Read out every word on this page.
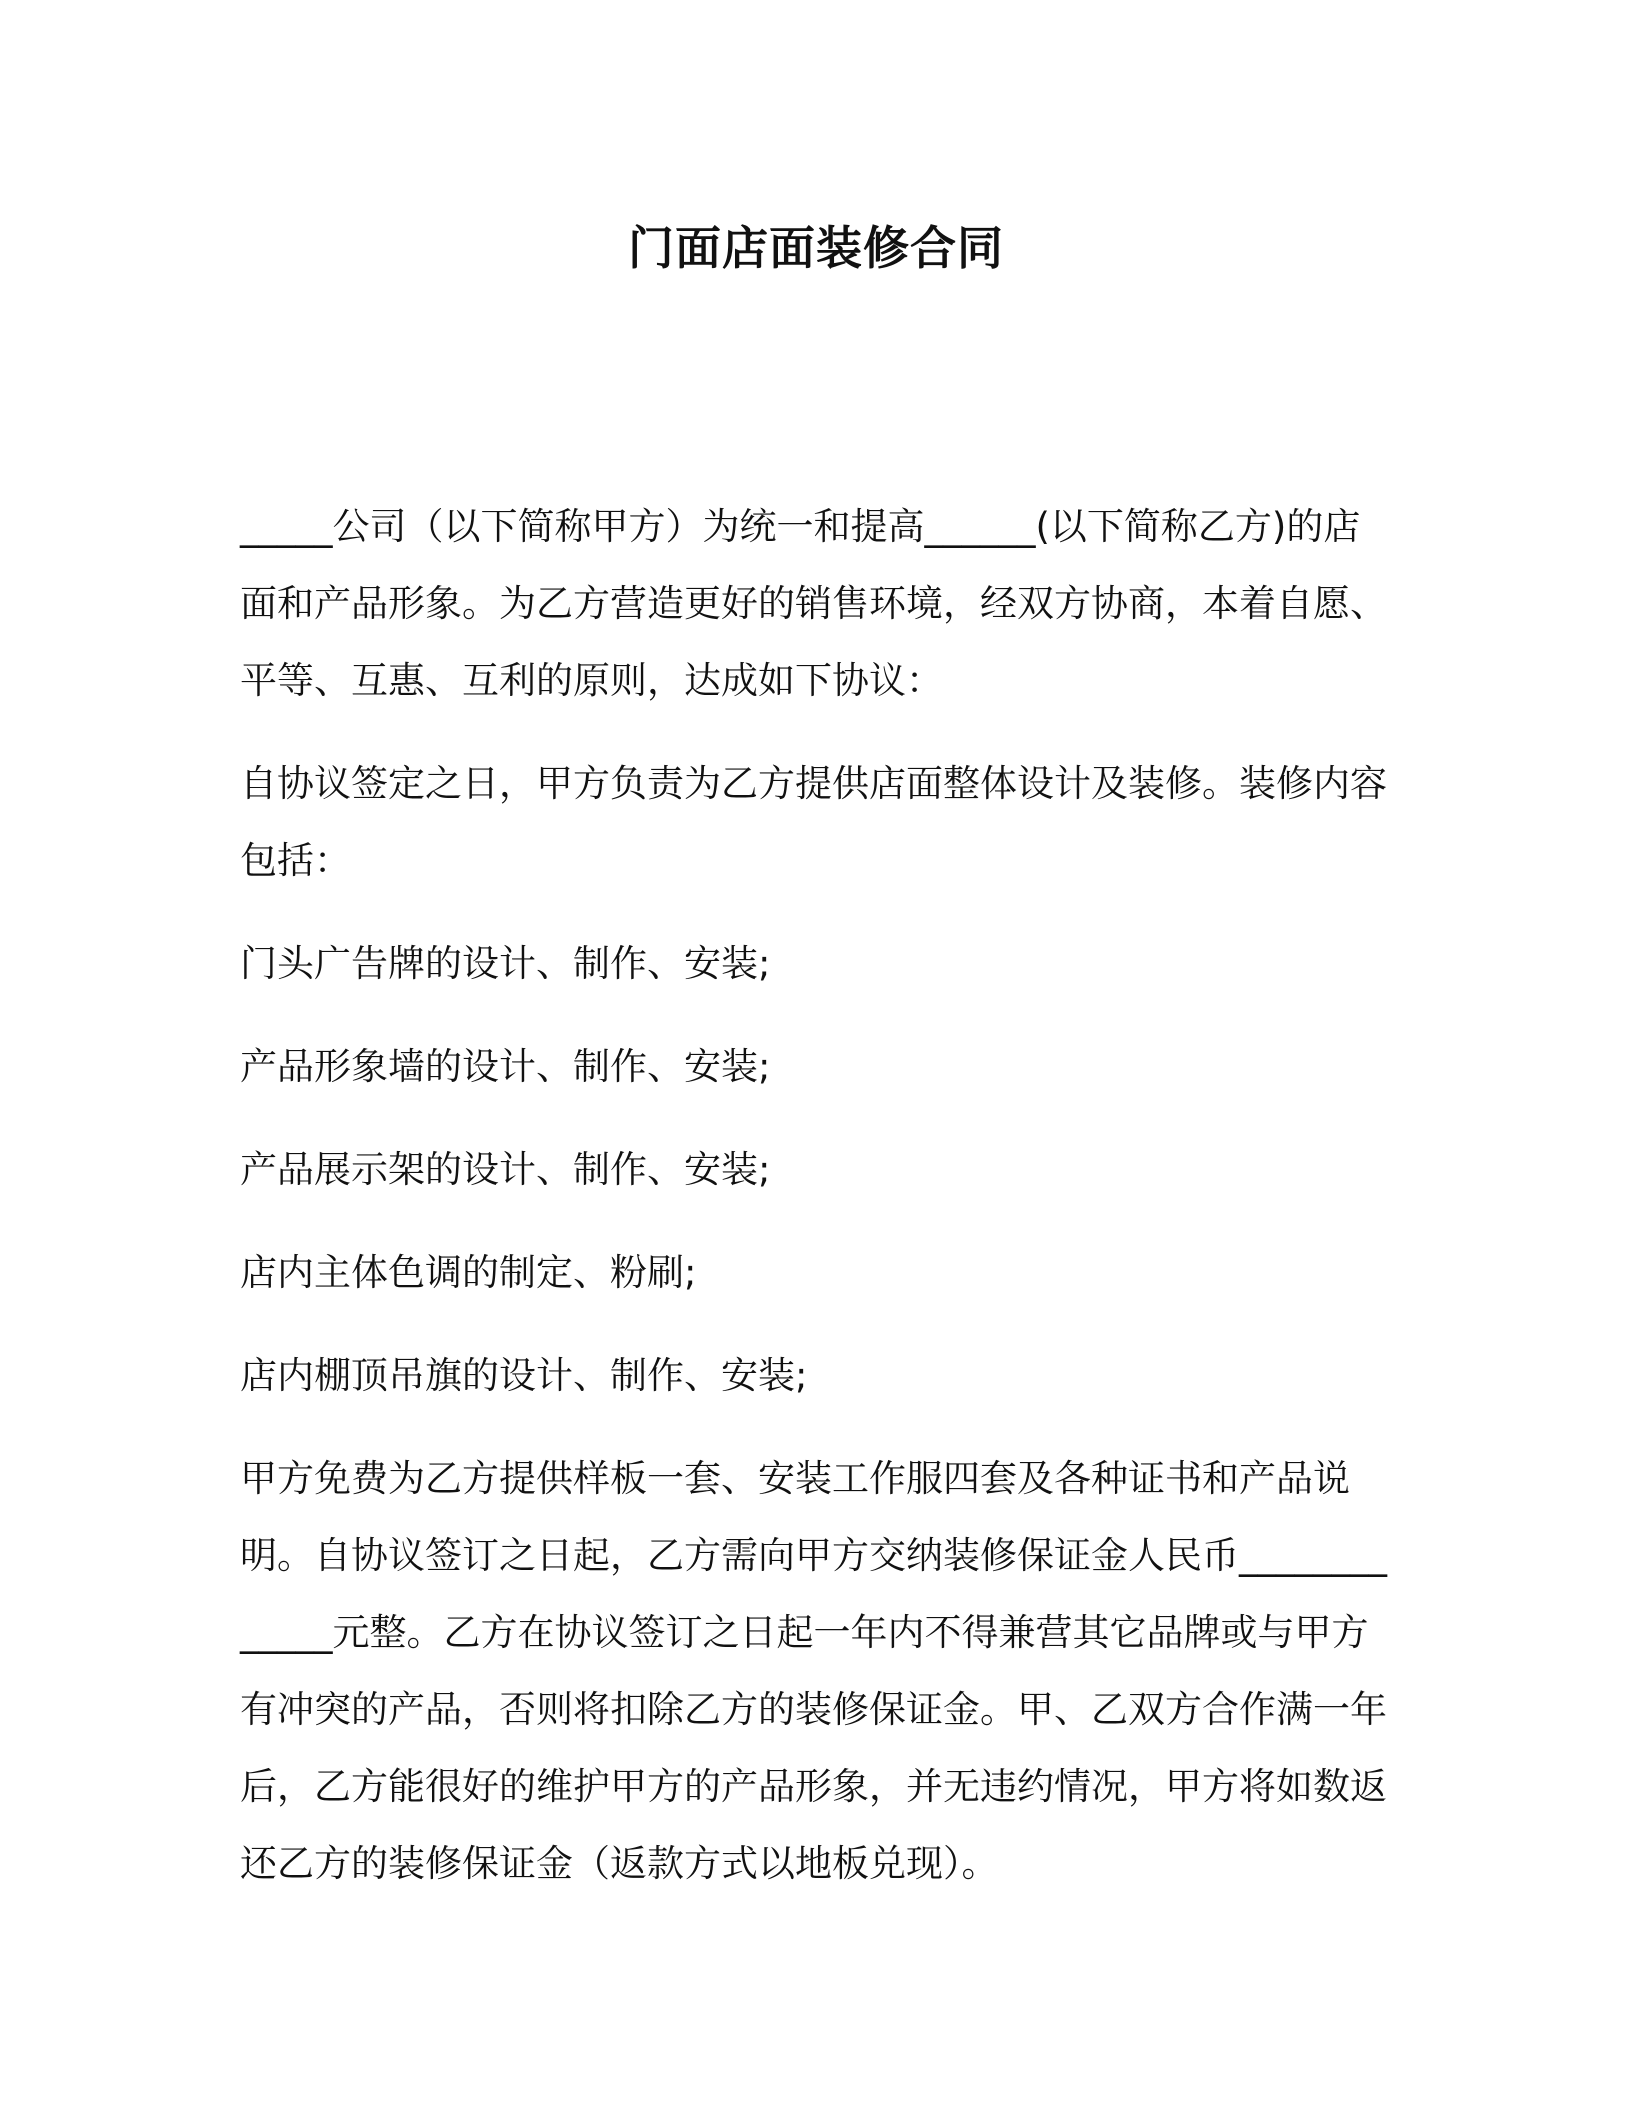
门面店面装修合同

_____公司（以下简称甲方）为统一和提高______(以下简称乙方)的店面和产品形象。为乙方营造更好的销售环境，经双方协商，本着自愿、平等、互惠、互利的原则，达成如下协议：

自协议签定之日，甲方负责为乙方提供店面整体设计及装修。装修内容包括：

门头广告牌的设计、制作、安装;

产品形象墙的设计、制作、安装;

产品展示架的设计、制作、安装;

店内主体色调的制定、粉刷;

店内棚顶吊旗的设计、制作、安装;

甲方免费为乙方提供样板一套、安装工作服四套及各种证书和产品说明。自协议签订之日起，乙方需向甲方交纳装修保证金人民币_____________元整。乙方在协议签订之日起一年内不得兼营其它品牌或与甲方有冲突的产品，否则将扣除乙方的装修保证金。甲、乙双方合作满一年后，乙方能很好的维护甲方的产品形象，并无违约情况，甲方将如数返还乙方的装修保证金（返款方式以地板兑现）。
